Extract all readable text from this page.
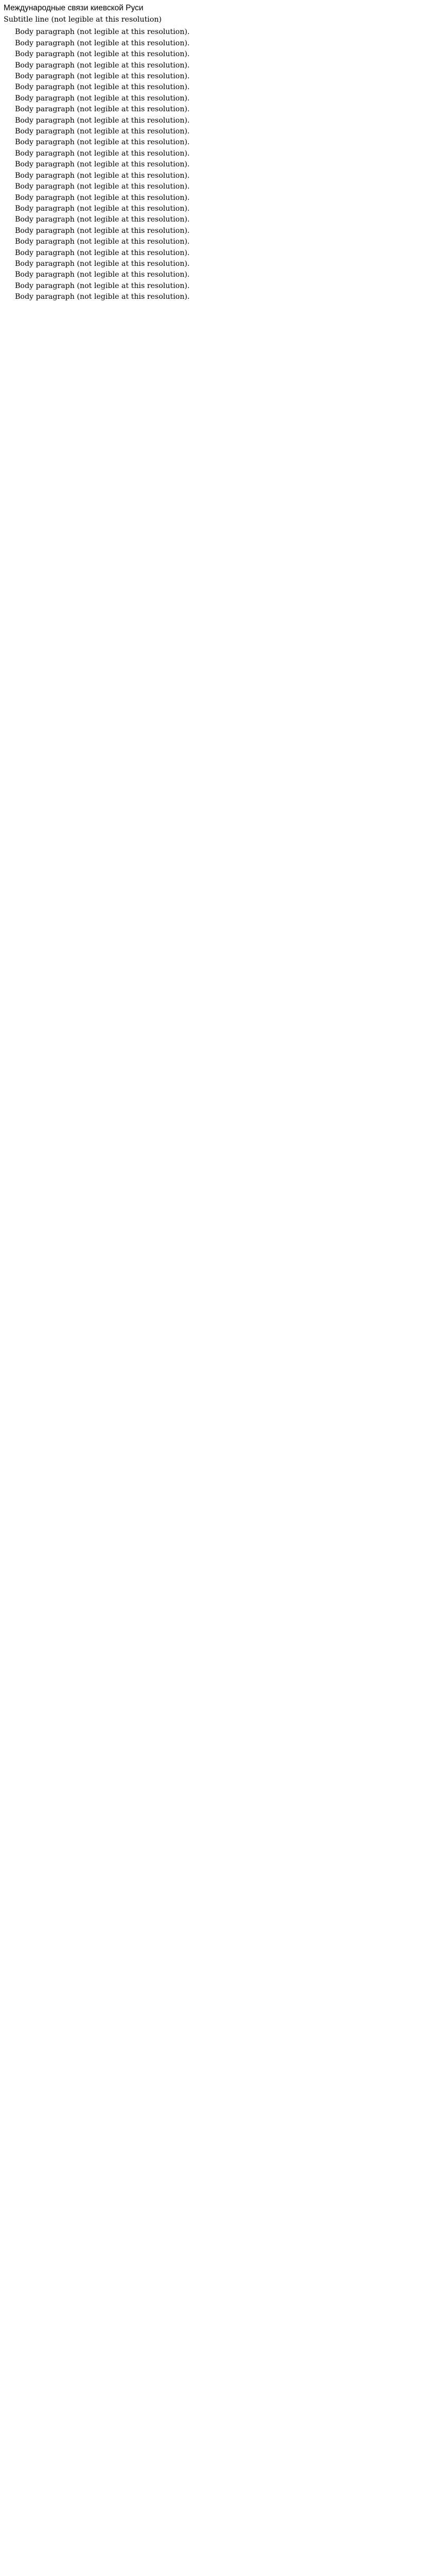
Международные связи киевской Руси

Subtitle line (not legible at this resolution)

Body paragraph (not legible at this resolution).

Body paragraph (not legible at this resolution).

Body paragraph (not legible at this resolution).

Body paragraph (not legible at this resolution).

Body paragraph (not legible at this resolution).

Body paragraph (not legible at this resolution).

Body paragraph (not legible at this resolution).

Body paragraph (not legible at this resolution).

Body paragraph (not legible at this resolution).

Body paragraph (not legible at this resolution).

Body paragraph (not legible at this resolution).

Body paragraph (not legible at this resolution).

Body paragraph (not legible at this resolution).

Body paragraph (not legible at this resolution).

Body paragraph (not legible at this resolution).

Body paragraph (not legible at this resolution).

Body paragraph (not legible at this resolution).

Body paragraph (not legible at this resolution).

Body paragraph (not legible at this resolution).

Body paragraph (not legible at this resolution).

Body paragraph (not legible at this resolution).

Body paragraph (not legible at this resolution).

Body paragraph (not legible at this resolution).

Body paragraph (not legible at this resolution).

Body paragraph (not legible at this resolution).
